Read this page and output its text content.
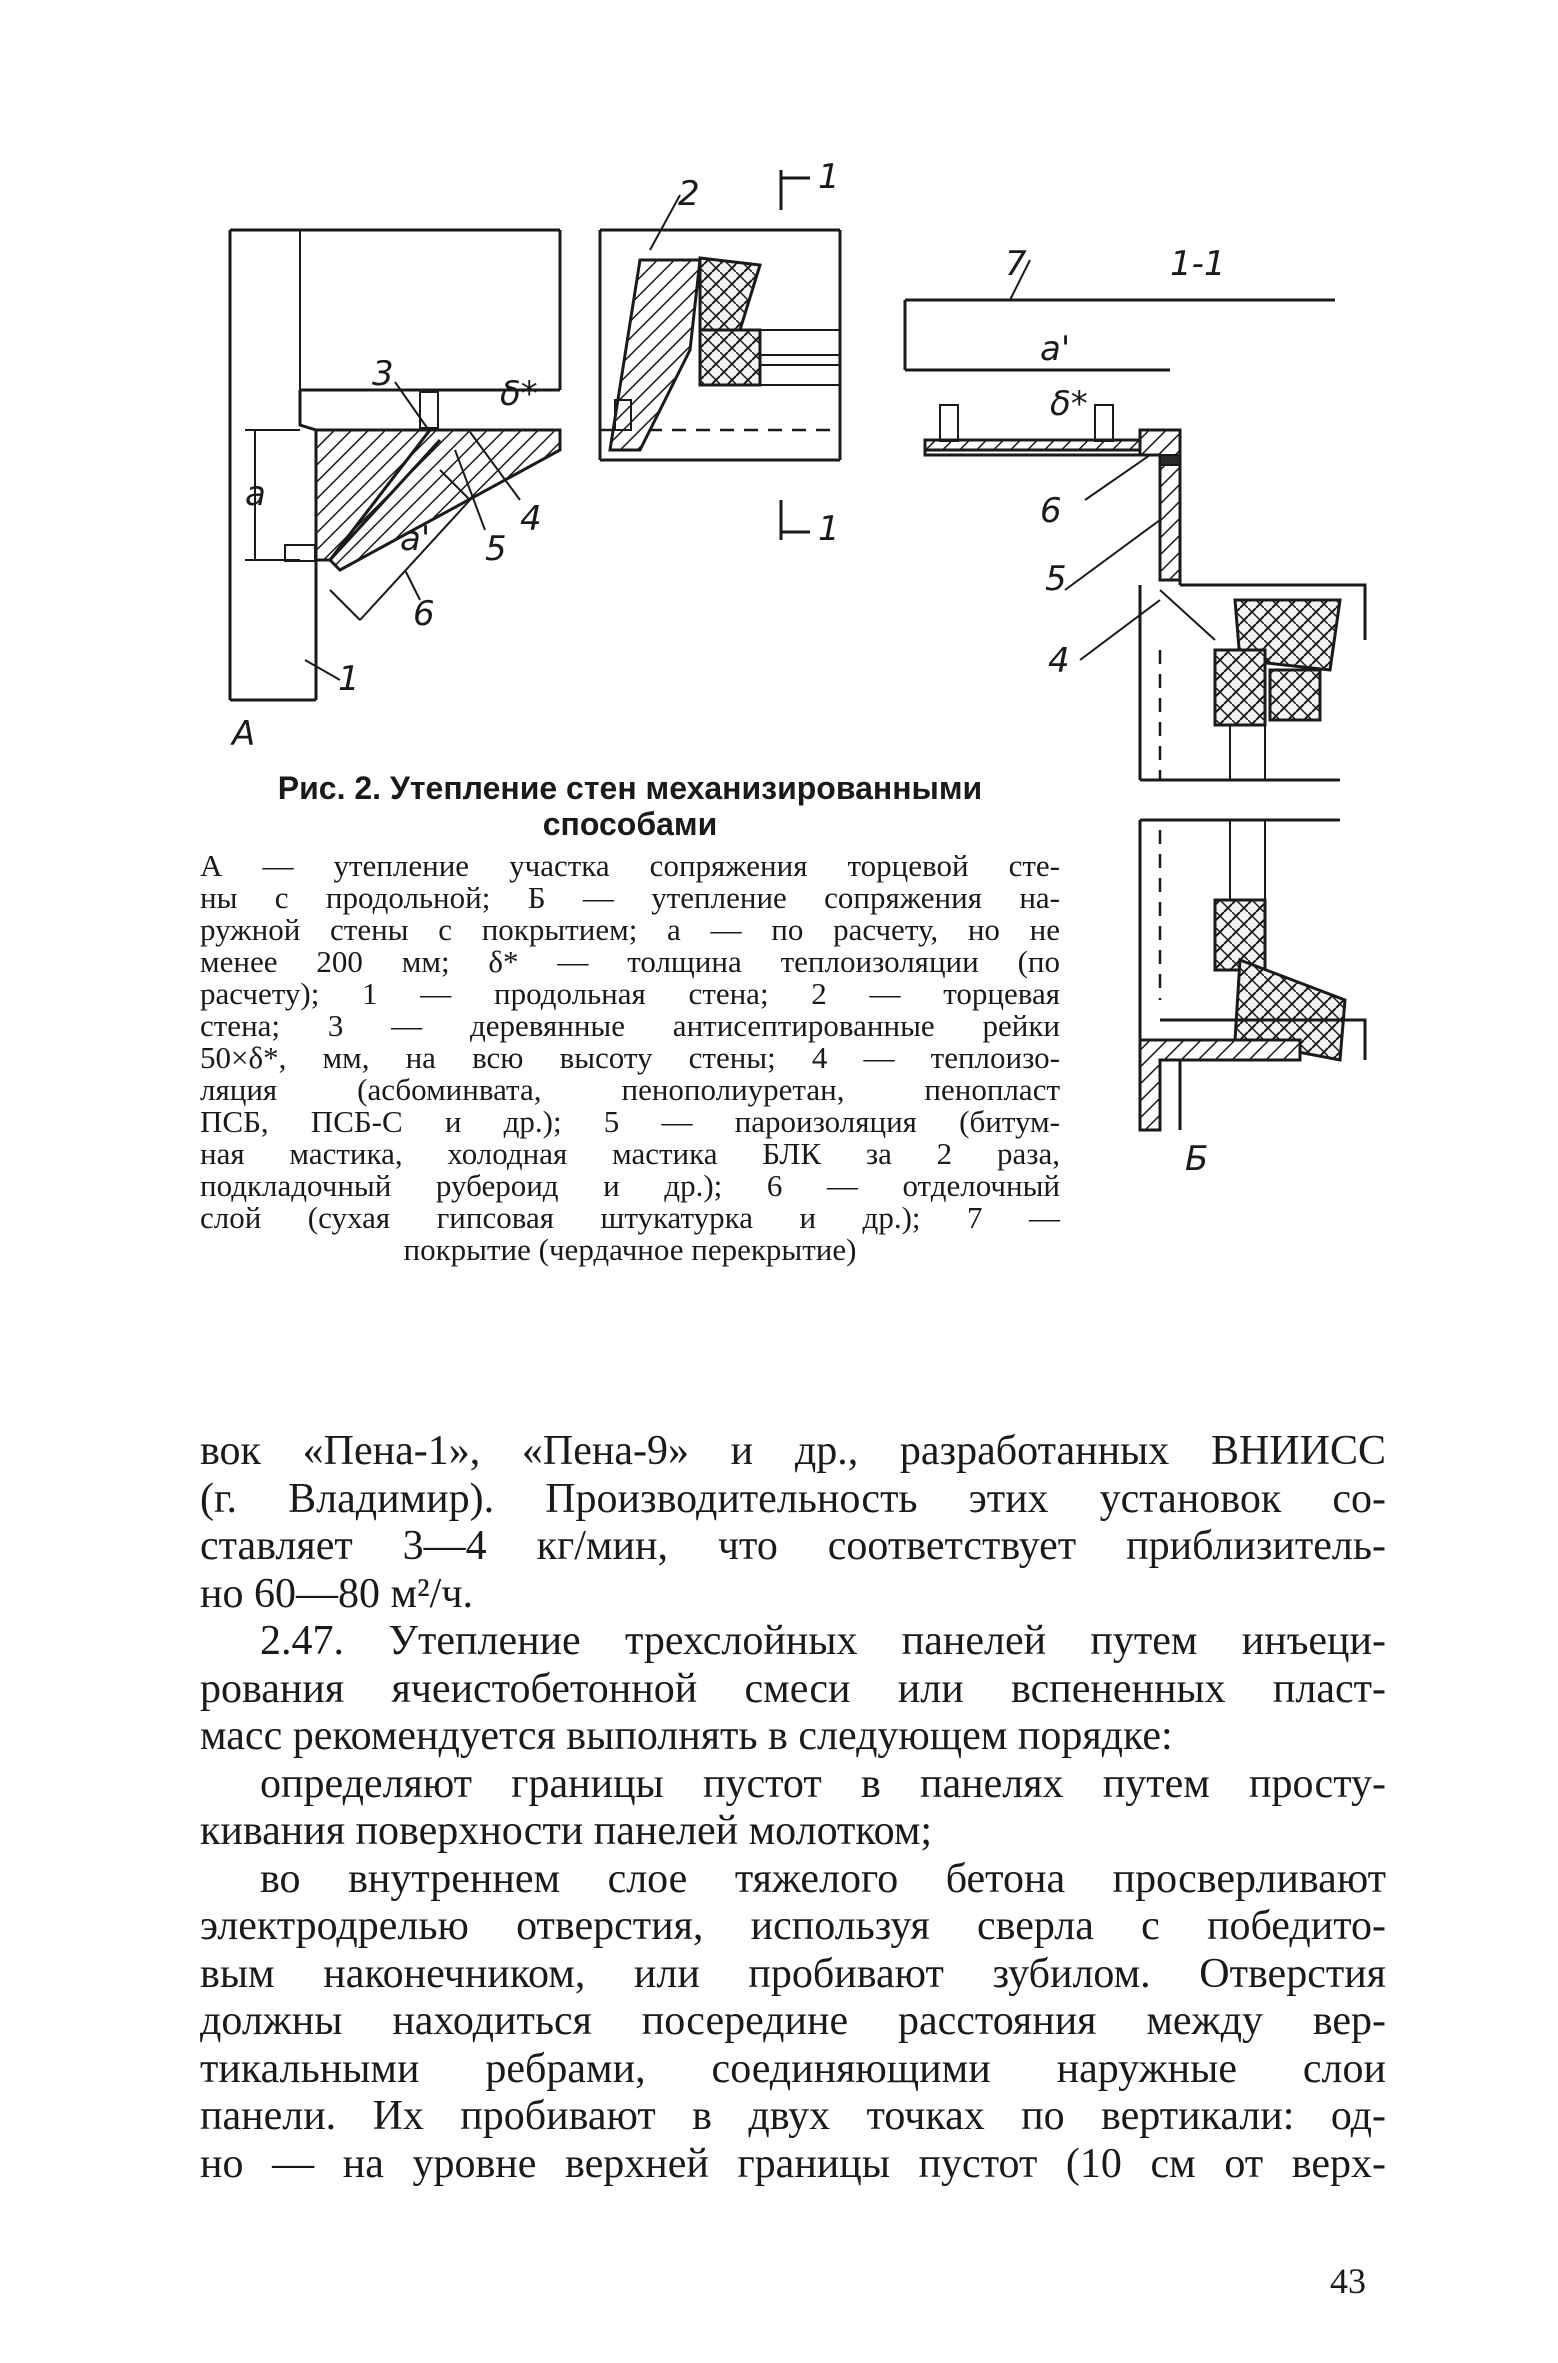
А
а
а'
δ*
3
4
5
6
1
2	1
1
7	1-1
а'
δ*
6
5
4
Б
Рис. 2. Утепление стен механизированными
способами
А — утепление участка сопряжения торцевой сте-
ны с продольной; Б — утепление сопряжения на-
ружной стены с покрытием; а — по расчету, но не
менее 200 мм; δ* — толщина теплоизоляции (по
расчету); 1 — продольная стена; 2 — торцевая
стена; 3 — деревянные антисептированные рейки
50×δ*, мм, на всю высоту стены; 4 — теплоизо-
ляция (асбоминвата, пенополиуретан, пенопласт
ПСБ, ПСБ-С и др.); 5 — пароизоляция (битум-
ная мастика, холодная мастика БЛК за 2 раза,
подкладочный рубероид и др.); 6 — отделочный
слой (сухая гипсовая штукатурка и др.); 7 —
покрытие (чердачное перекрытие)
вок «Пена-1», «Пена-9» и др., разработанных ВНИИСС
(г. Владимир). Производительность этих установок со-
ставляет 3—4 кг/мин, что соответствует приблизитель-
но 60—80 м²/ч.
2.47. Утепление трехслойных панелей путем инъеци-
рования ячеистобетонной смеси или вспененных пласт-
масс рекомендуется выполнять в следующем порядке:
определяют границы пустот в панелях путем просту-
кивания поверхности панелей молотком;
во внутреннем слое тяжелого бетона просверливают
электродрелью отверстия, используя сверла с победито-
вым наконечником, или пробивают зубилом. Отверстия
должны находиться посередине расстояния между вер-
тикальными ребрами, соединяющими наружные слои
панели. Их пробивают в двух точках по вертикали: од-
но — на уровне верхней границы пустот (10 см от верх-
43
